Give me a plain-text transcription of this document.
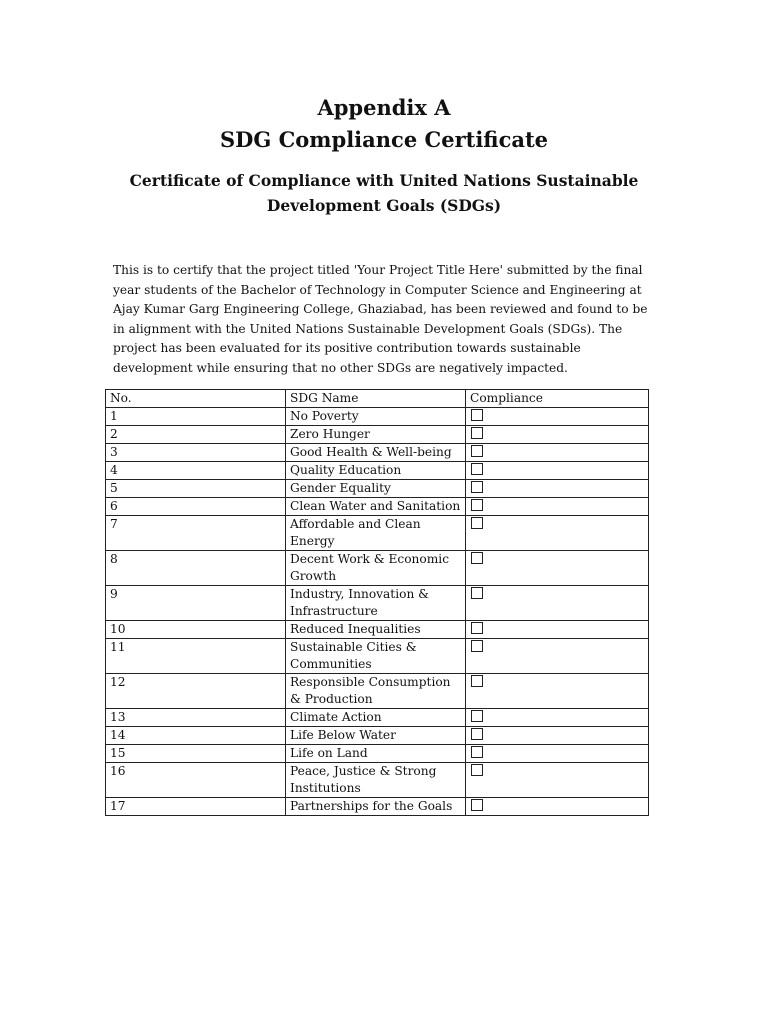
Appendix A
SDG Compliance Certificate

Certificate of Compliance with United Nations Sustainable

Development Goals (SDGs)

This is to certify that the project titled 'Your Project Title Here' submitted by the final year students of the Bachelor of Technology in Computer Science and Engineering at Ajay Kumar Garg Engineering College, Ghaziabad, has been reviewed and found to be in alignment with the United Nations Sustainable Development Goals (SDGs). The project has been evaluated for its positive contribution towards sustainable development while ensuring that no other SDGs are negatively impacted.

No.	SDG Name	Compliance
1	No Poverty	
2	Zero Hunger	
3	Good Health & Well-being	
4	Quality Education	
5	Gender Equality	
6	Clean Water and Sanitation	
7	Affordable and Clean Energy	
8	Decent Work & Economic Growth	
9	Industry, Innovation & Infrastructure	
10	Reduced Inequalities	
11	Sustainable Cities & Communities	
12	Responsible Consumption & Production	
13	Climate Action	
14	Life Below Water	
15	Life on Land	
16	Peace, Justice & Strong Institutions	
17	Partnerships for the Goals	
